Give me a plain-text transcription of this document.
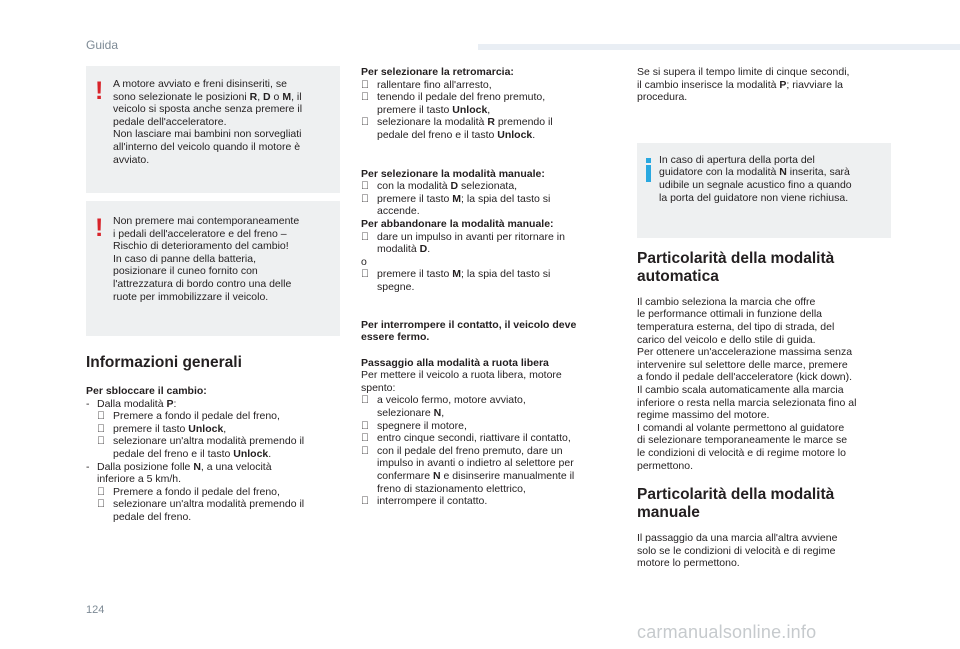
Guida
! A motore avviato e freni disinseriti, se

sono selezionate le posizioni R, D o M, il

veicolo si sposta anche senza premere il

pedale dell'acceleratore.

Non lasciare mai bambini non sorvegliati

all'interno del veicolo quando il motore è

avviato.

! Non premere mai contemporaneamente

i pedali dell'acceleratore e del freno –

Rischio di deterioramento del cambio!

In caso di panne della batteria,

posizionare il cuneo fornito con

l'attrezzatura di bordo contro una delle

ruote per immobilizzare il veicolo.

Informazioni generali

Per sbloccare il cambio:

- Dalla modalità P:

Premere a fondo il pedale del freno,

premere il tasto Unlock,

selezionare un'altra modalità premendo il
pedale del freno e il tasto Unlock.

- Dalla posizione folle N, a una velocità
inferiore a 5 km/h.

Premere a fondo il pedale del freno,

selezionare un'altra modalità premendo il
pedale del freno.

Per selezionare la retromarcia:

rallentare fino all'arresto,

tenendo il pedale del freno premuto,
premere il tasto Unlock,

selezionare la modalità R premendo il
pedale del freno e il tasto Unlock.

Per selezionare la modalità manuale:

con la modalità D selezionata,

premere il tasto M; la spia del tasto si
accende.

Per abbandonare la modalità manuale:

dare un impulso in avanti per ritornare in
modalità D.

o

premere il tasto M; la spia del tasto si
spegne.

Per interrompere il contatto, il veicolo deve
essere fermo.

Passaggio alla modalità a ruota libera

Per mettere il veicolo a ruota libera, motore
spento:

a veicolo fermo, motore avviato,
selezionare N,

spegnere il motore,

entro cinque secondi, riattivare il contatto,

con il pedale del freno premuto, dare un
impulso in avanti o indietro al selettore per
confermare N e disinserire manualmente il
freno di stazionamento elettrico,

interrompere il contatto.

Se si supera il tempo limite di cinque secondi,
il cambio inserisce la modalità P; riavviare la
procedura.

In caso di apertura della porta del
guidatore con la modalità N inserita, sarà
udibile un segnale acustico fino a quando
la porta del guidatore non viene richiusa.

Particolarità della modalità
automatica

Il cambio seleziona la marcia che offre

le performance ottimali in funzione della

temperatura esterna, del tipo di strada, del

carico del veicolo e dello stile di guida.

Per ottenere un'accelerazione massima senza

intervenire sul selettore delle marce, premere

a fondo il pedale dell'acceleratore (kick down).

Il cambio scala automaticamente alla marcia

inferiore o resta nella marcia selezionata fino al

regime massimo del motore.

I comandi al volante permettono al guidatore

di selezionare temporaneamente le marce se

le condizioni di velocità e di regime motore lo

permettono.

Particolarità della modalità manuale

Il passaggio da una marcia all'altra avviene

solo se le condizioni di velocità e di regime

motore lo permettono.

124
carmanualsonline.info
